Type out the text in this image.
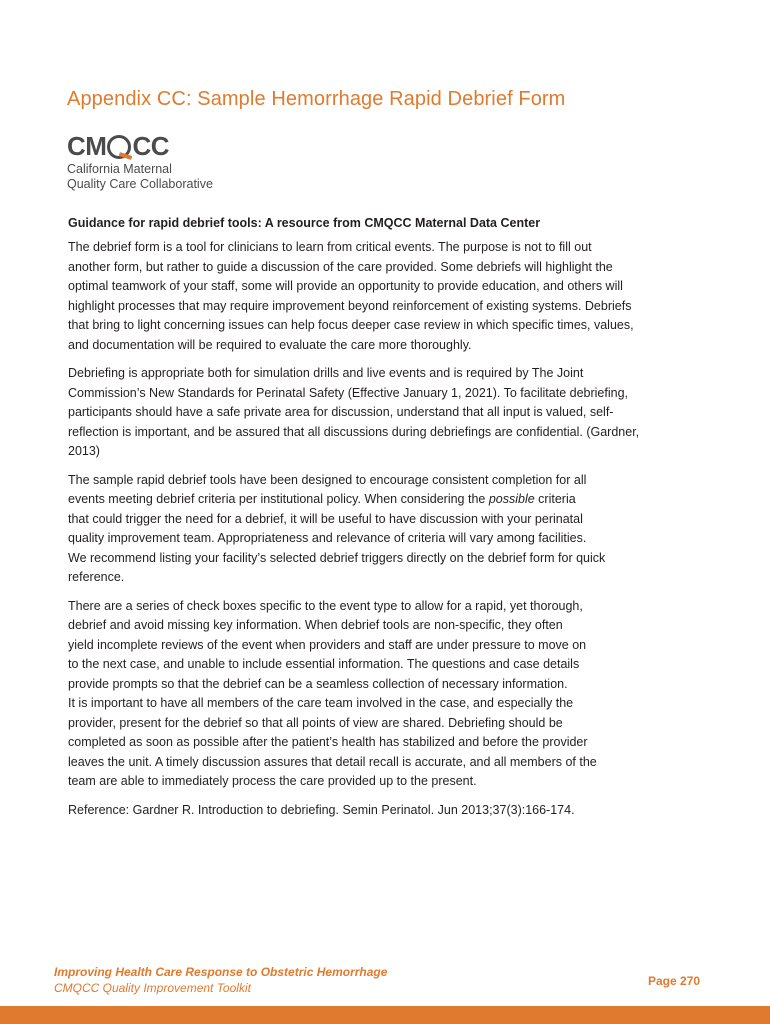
Appendix CC: Sample Hemorrhage Rapid Debrief Form
CM CC
California Maternal
Quality Care Collaborative
Guidance for rapid debrief tools: A resource from CMQCC Maternal Data Center
The debrief form is a tool for clinicians to learn from critical events. The purpose is not to fill out
another form, but rather to guide a discussion of the care provided. Some debriefs will highlight the
optimal teamwork of your staff, some will provide an opportunity to provide education, and others will
highlight processes that may require improvement beyond reinforcement of existing systems. Debriefs
that bring to light concerning issues can help focus deeper case review in which specific times, values,
and documentation will be required to evaluate the care more thoroughly.
Debriefing is appropriate both for simulation drills and live events and is required by The Joint
Commission’s New Standards for Perinatal Safety (Effective January 1, 2021). To facilitate debriefing,
participants should have a safe private area for discussion, understand that all input is valued, self-
reflection is important, and be assured that all discussions during debriefings are confidential. (Gardner,
2013)
The sample rapid debrief tools have been designed to encourage consistent completion for all
events meeting debrief criteria per institutional policy. When considering the possible criteria
that could trigger the need for a debrief, it will be useful to have discussion with your perinatal
quality improvement team. Appropriateness and relevance of criteria will vary among facilities.
We recommend listing your facility’s selected debrief triggers directly on the debrief form for quick
reference.
There are a series of check boxes specific to the event type to allow for a rapid, yet thorough,
debrief and avoid missing key information. When debrief tools are non-specific, they often
yield incomplete reviews of the event when providers and staff are under pressure to move on
to the next case, and unable to include essential information. The questions and case details
provide prompts so that the debrief can be a seamless collection of necessary information.
It is important to have all members of the care team involved in the case, and especially the
provider, present for the debrief so that all points of view are shared. Debriefing should be
completed as soon as possible after the patient’s health has stabilized and before the provider
leaves the unit. A timely discussion assures that detail recall is accurate, and all members of the
team are able to immediately process the care provided up to the present.
Reference: Gardner R. Introduction to debriefing. Semin Perinatol. Jun 2013;37(3):166-174.
Improving Health Care Response to Obstetric Hemorrhage
CMQCC Quality Improvement Toolkit	Page 270
